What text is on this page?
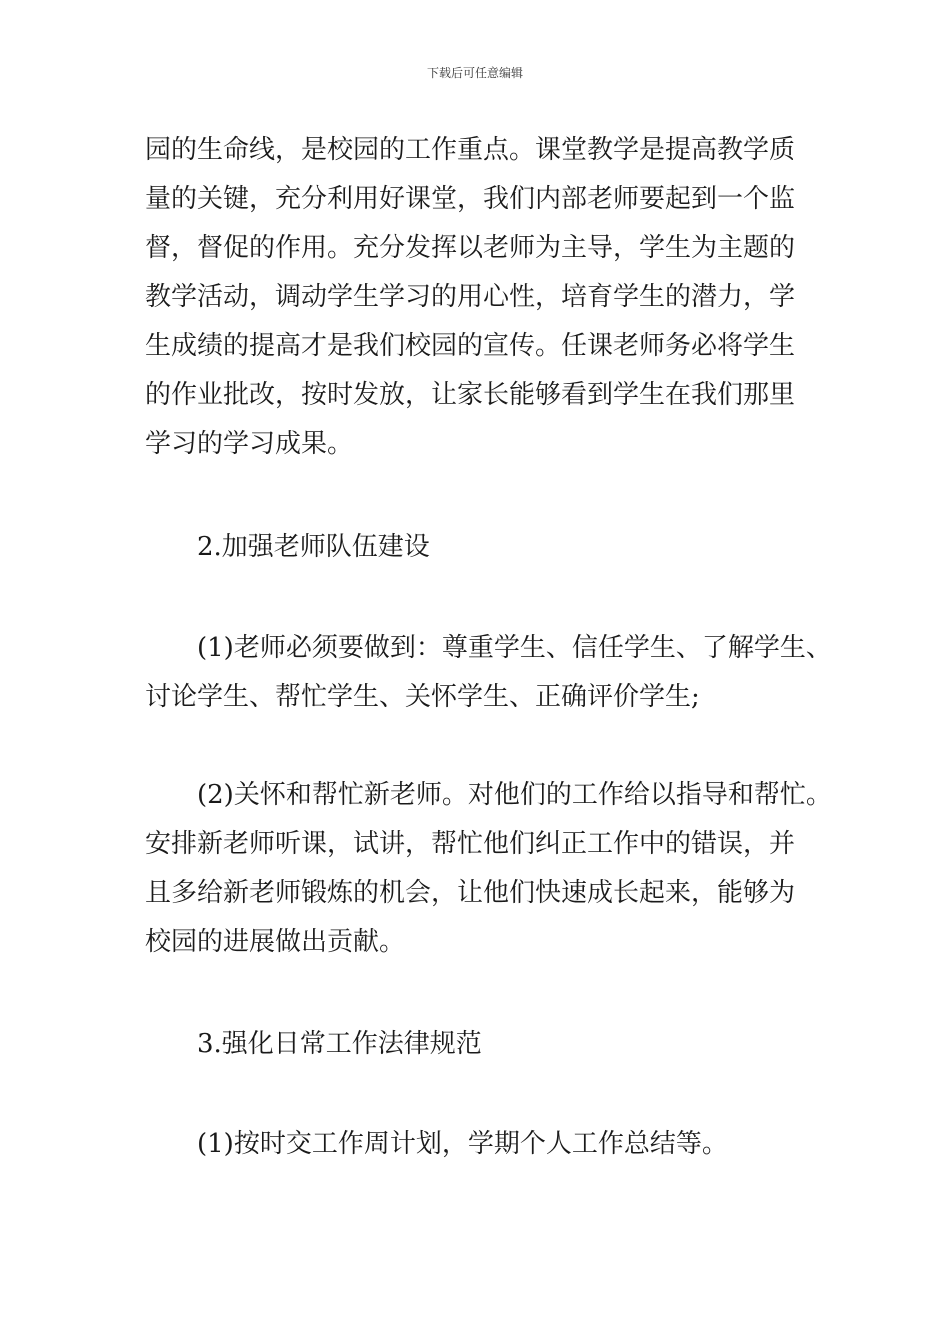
下载后可任意编辑
园的生命线，是校园的工作重点。课堂教学是提高教学质
量的关键，充分利用好课堂，我们内部老师要起到一个监
督，督促的作用。充分发挥以老师为主导，学生为主题的
教学活动，调动学生学习的用心性，培育学生的潜力，学
生成绩的提高才是我们校园的宣传。任课老师务必将学生
的作业批改，按时发放，让家长能够看到学生在我们那里
学习的学习成果。
　　2.加强老师队伍建设
　　(1)老师必须要做到：尊重学生、信任学生、了解学生、
讨论学生、帮忙学生、关怀学生、正确评价学生;
　　(2)关怀和帮忙新老师。对他们的工作给以指导和帮忙。
安排新老师听课，试讲，帮忙他们纠正工作中的错误，并
且多给新老师锻炼的机会，让他们快速成长起来，能够为
校园的进展做出贡献。
　　3.强化日常工作法律规范
　　(1)按时交工作周计划，学期个人工作总结等。
